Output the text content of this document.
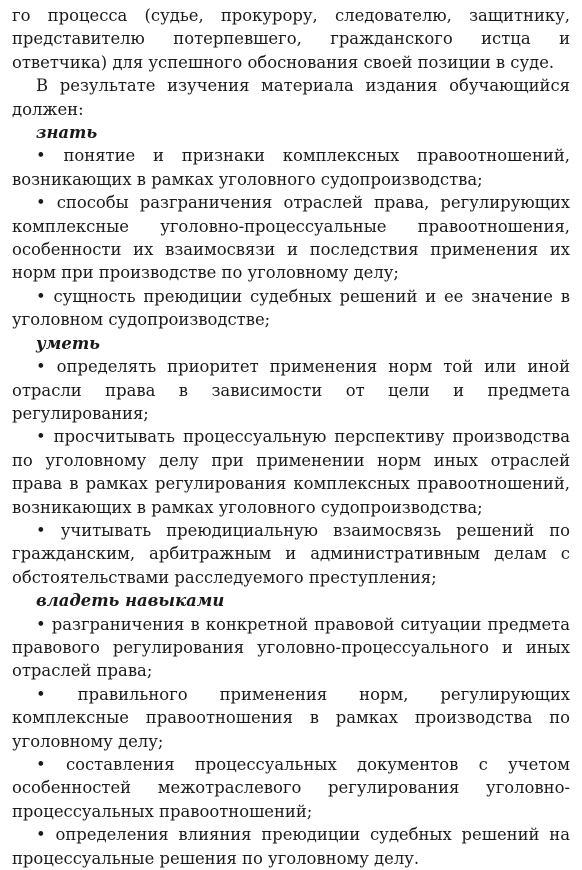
го процесса (судье, прокурору, следователю, защитнику, представителю потерпевшего, гражданского истца и ответчика) для успешного обоснования своей позиции в суде.

В результате изучения материала издания обучающийся должен:

знать

• понятие и признаки комплексных правоотношений, возникающих в рамках уголовного судопроизводства;

• способы разграничения отраслей права, регулирующих комплексные уголовно-процессуальные правоотношения, особенности их взаимосвязи и последствия применения их норм при производстве по уголовному делу;

• сущность преюдиции судебных решений и ее значение в уголовном судопроизводстве;

уметь

• определять приоритет применения норм той или иной отрасли права в зависимости от цели и предмета регулирования;

• просчитывать процессуальную перспективу производства по уголовному делу при применении норм иных отраслей права в рамках регулирования комплексных правоотношений, возникающих в рамках уголовного судопроизводства;

• учитывать преюдициальную взаимосвязь решений по гражданским, арбитражным и административным делам с обстоятельствами расследуемого преступления;

владеть навыками

• разграничения в конкретной правовой ситуации предмета правового регулирования уголовно-процессуального и иных отраслей права;

• правильного применения норм, регулирующих комплексные правоотношения в рамках производства по уголовному делу;

• составления процессуальных документов с учетом особенностей межотраслевого регулирования уголовно-процессуальных правоотношений;

• определения влияния преюдиции судебных решений на процессуальные решения по уголовному делу.
